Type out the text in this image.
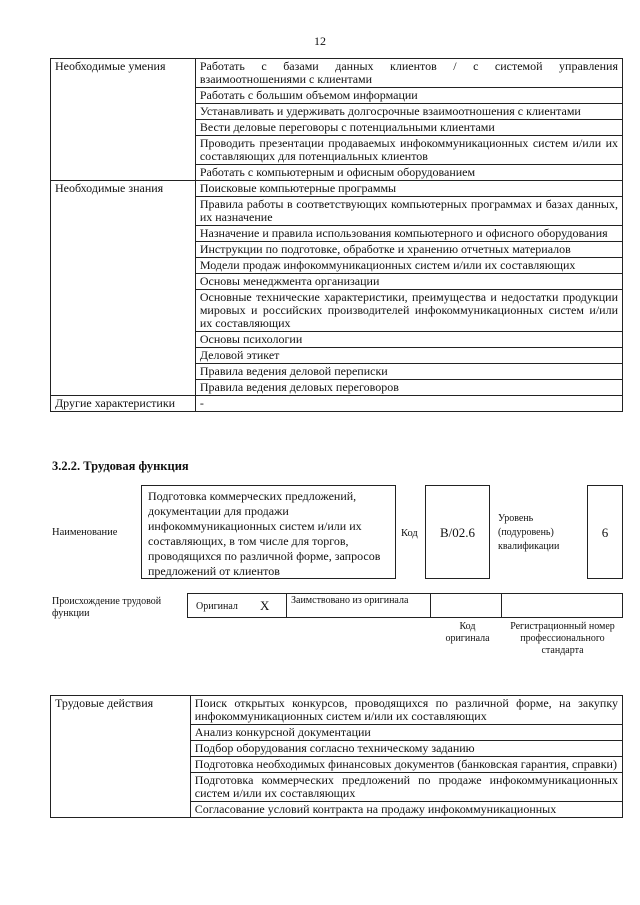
12
Необходимые умения	Работать с базами данных клиентов / с системой управления взаимоотношениями с клиентами
	Работать с большим объемом информации
	Устанавливать и удерживать долгосрочные взаимоотношения с клиентами
	Вести деловые переговоры с потенциальными клиентами
	Проводить презентации продаваемых инфокоммуникационных систем и/или их составляющих для потенциальных клиентов
	Работать с компьютерным и офисным оборудованием
Необходимые знания	Поисковые компьютерные программы
	Правила работы в соответствующих компьютерных программах и базах данных, их назначение
	Назначение и правила использования компьютерного и офисного оборудования
	Инструкции по подготовке, обработке и хранению отчетных материалов
	Модели продаж инфокоммуникационных систем и/или их составляющих
	Основы менеджмента организации
	Основные технические характеристики, преимущества и недостатки продукции мировых и российских производителей инфокоммуникационных систем и/или их составляющих
	Основы психологии
	Деловой этикет
	Правила ведения деловой переписки
	Правила ведения деловых переговоров
Другие характеристики	-
3.2.2. Трудовая функция
Наименование
Подготовка коммерческих предложений, документации для продажи инфокоммуникационных систем и/или их составляющих, в том числе для торгов, проводящихся по различной форме, запросов предложений от клиентов
Код	B/02.6
Уровень (подуровень) квалификации
6
Происхождение трудовой функции
Оригинал X	Заимствовано из оригинала
Код оригинала
Регистрационный номер профессионального стандарта
Трудовые действия	Поиск открытых конкурсов, проводящихся по различной форме, на закупку инфокоммуникационных систем и/или их составляющих
Анализ конкурсной документации
Подбор оборудования согласно техническому заданию
Подготовка необходимых финансовых документов (банковская гарантия, справки)
Подготовка коммерческих предложений по продаже инфокоммуникационных систем и/или их составляющих
Согласование условий контракта на продажу инфокоммуникационных
